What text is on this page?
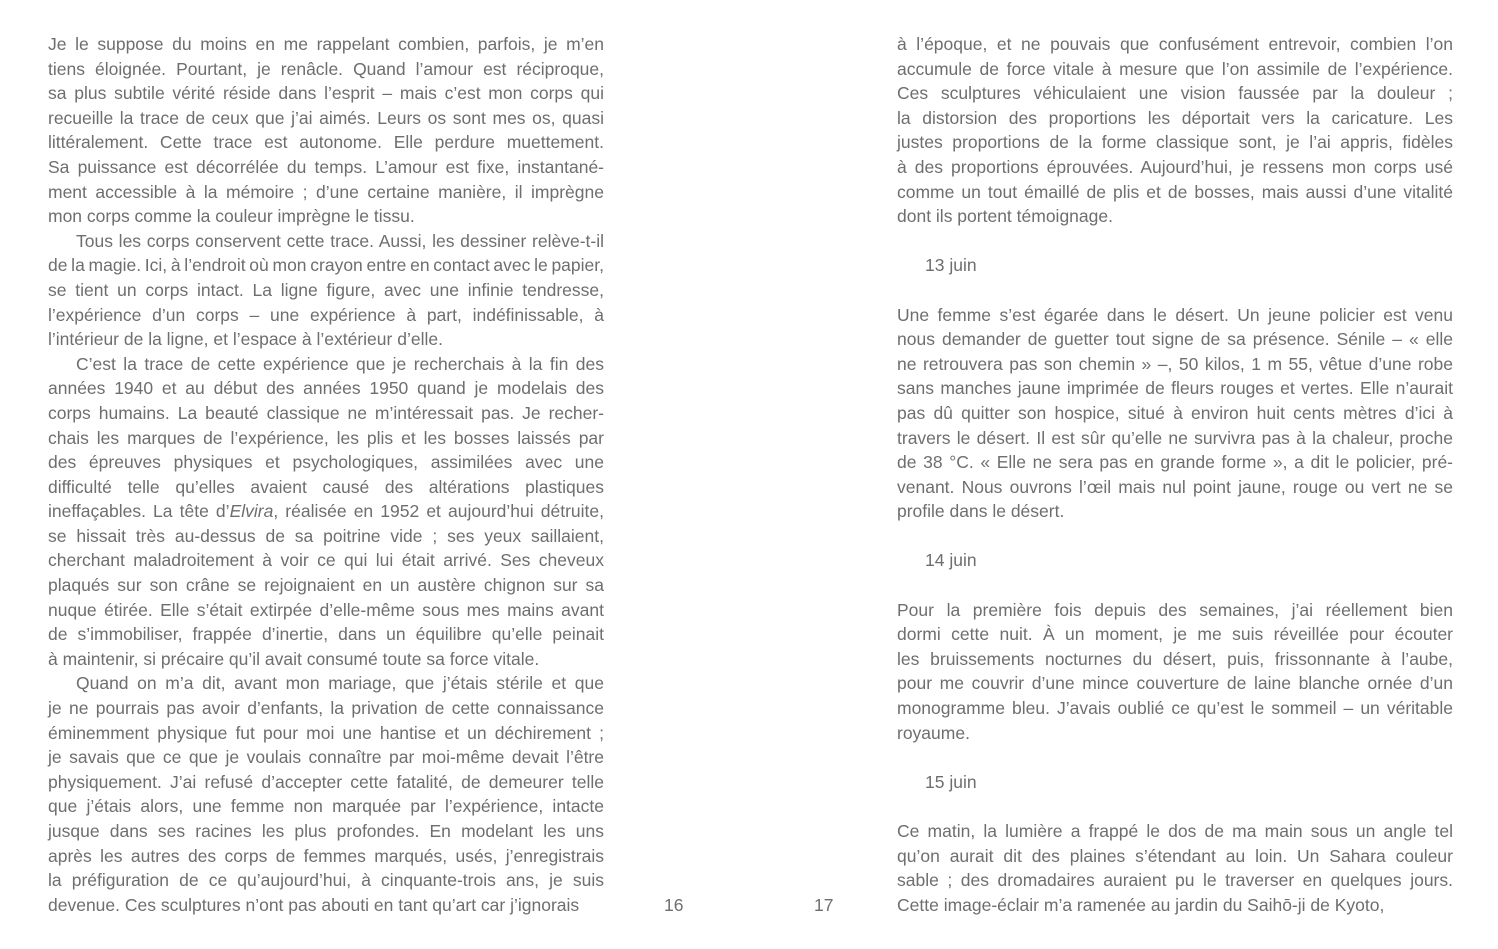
Je le suppose du moins en me rappelant combien, parfois, je m’en
tiens éloignée. Pourtant, je renâcle. Quand l’amour est réciproque,
sa plus subtile vérité réside dans l’esprit – mais c’est mon corps qui
recueille la trace de ceux que j’ai aimés. Leurs os sont mes os, quasi
littéralement. Cette trace est autonome. Elle perdure muettement.
Sa puissance est décorrélée du temps. L’amour est fixe, instantané-
ment accessible à la mémoire ; d’une certaine manière, il imprègne
mon corps comme la couleur imprègne le tissu.
Tous les corps conservent cette trace. Aussi, les dessiner relève-t-il
de la magie. Ici, à l’endroit où mon crayon entre en contact avec le papier,
se tient un corps intact. La ligne figure, avec une infinie tendresse,
l’expérience d’un corps – une expérience à part, indéfinissable, à
l’intérieur de la ligne, et l’espace à l’extérieur d’elle.
C’est la trace de cette expérience que je recherchais à la fin des
années 1940 et au début des années 1950 quand je modelais des
corps humains. La beauté classique ne m’intéressait pas. Je recher-
chais les marques de l’expérience, les plis et les bosses laissés par
des épreuves physiques et psychologiques, assimilées avec une
difficulté telle qu’elles avaient causé des altérations plastiques
ineffaçables. La tête d’Elvira, réalisée en 1952 et aujourd’hui détruite,
se hissait très au-dessus de sa poitrine vide ; ses yeux saillaient,
cherchant maladroitement à voir ce qui lui était arrivé. Ses cheveux
plaqués sur son crâne se rejoignaient en un austère chignon sur sa
nuque étirée. Elle s’était extirpée d’elle-même sous mes mains avant
de s’immobiliser, frappée d’inertie, dans un équilibre qu’elle peinait
à maintenir, si précaire qu’il avait consumé toute sa force vitale.
Quand on m’a dit, avant mon mariage, que j’étais stérile et que
je ne pourrais pas avoir d’enfants, la privation de cette connaissance
éminemment physique fut pour moi une hantise et un déchirement ;
je savais que ce que je voulais connaître par moi-même devait l’être
physiquement. J’ai refusé d’accepter cette fatalité, de demeurer telle
que j’étais alors, une femme non marquée par l’expérience, intacte
jusque dans ses racines les plus profondes. En modelant les uns
après les autres des corps de femmes marqués, usés, j’enregistrais
la préfiguration de ce qu’aujourd’hui, à cinquante-trois ans, je suis
devenue. Ces sculptures n’ont pas abouti en tant qu’art car j’ignorais
à l’époque, et ne pouvais que confusément entrevoir, combien l’on
accumule de force vitale à mesure que l’on assimile de l’expérience.
Ces sculptures véhiculaient une vision faussée par la douleur ;
la distorsion des proportions les déportait vers la caricature. Les
justes proportions de la forme classique sont, je l’ai appris, fidèles
à des proportions éprouvées. Aujourd’hui, je ressens mon corps usé
comme un tout émaillé de plis et de bosses, mais aussi d’une vitalité
dont ils portent témoignage.
13 juin
Une femme s’est égarée dans le désert. Un jeune policier est venu
nous demander de guetter tout signe de sa présence. Sénile – « elle
ne retrouvera pas son chemin » –, 50 kilos, 1 m 55, vêtue d’une robe
sans manches jaune imprimée de fleurs rouges et vertes. Elle n’aurait
pas dû quitter son hospice, situé à environ huit cents mètres d’ici à
travers le désert. Il est sûr qu’elle ne survivra pas à la chaleur, proche
de 38 °C. « Elle ne sera pas en grande forme », a dit le policier, pré-
venant. Nous ouvrons l’œil mais nul point jaune, rouge ou vert ne se
profile dans le désert.
14 juin
Pour la première fois depuis des semaines, j’ai réellement bien
dormi cette nuit. À un moment, je me suis réveillée pour écouter
les bruissements nocturnes du désert, puis, frissonnante à l’aube,
pour me couvrir d’une mince couverture de laine blanche ornée d’un
monogramme bleu. J’avais oublié ce qu’est le sommeil – un véritable
royaume.
15 juin
Ce matin, la lumière a frappé le dos de ma main sous un angle tel
qu’on aurait dit des plaines s’étendant au loin. Un Sahara couleur
sable ; des dromadaires auraient pu le traverser en quelques jours.
Cette image-éclair m’a ramenée au jardin du Saihō-ji de Kyoto,
16	17
